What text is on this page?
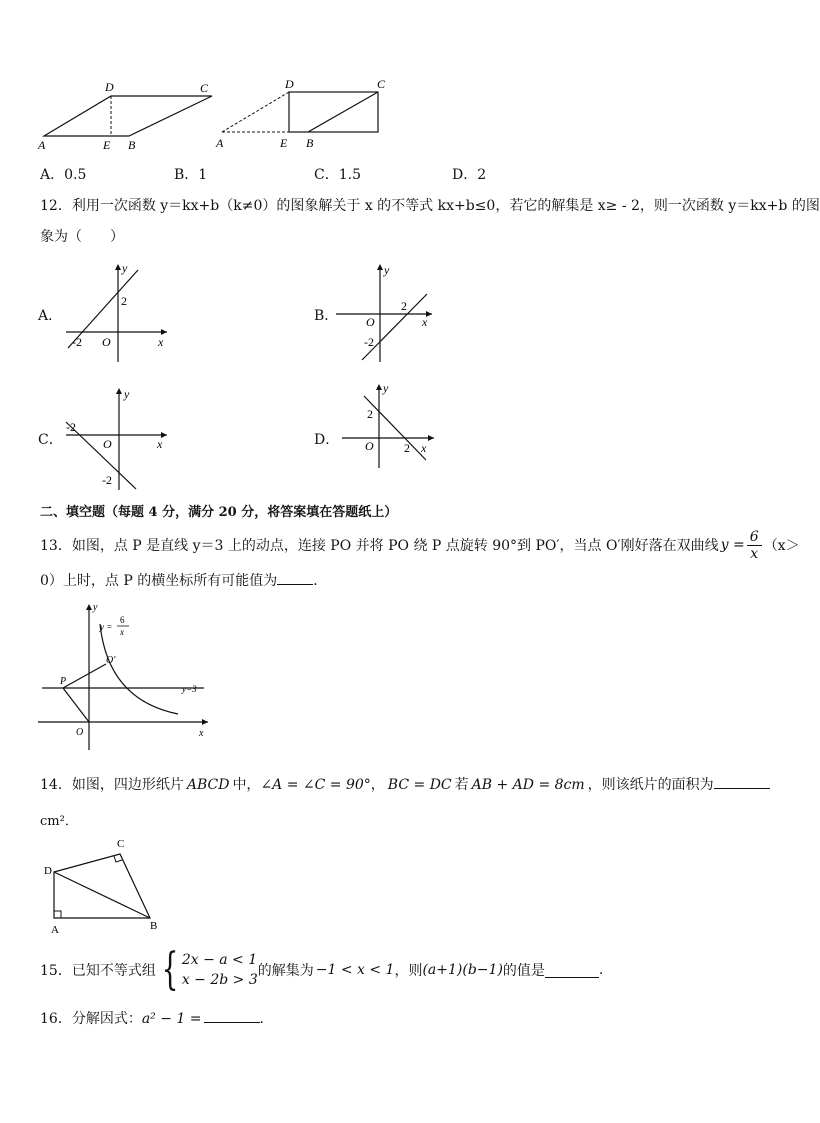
D	C
A	E B
D	C
A	E B
A．0.5	B．1	C．1.5	D．2
12．利用一次函数 y＝kx+b（k≠0）的图象解关于 x 的不等式 kx+b≤0，若它的解集是 x≥ - 2，则一次函数 y＝kx+b 的图
象为（　　）
A．
y
x
O
2
-2
B．
y
x
O
2
-2
C．
y
x
O
-2
-2
D．
y
x
O
2
2
二、填空题（每题 4 分，满分 20 分，将答案填在答题纸上）
13．如图，点 P 是直线 y＝3 上的动点，连接 PO 并将 PO 绕 P 点旋转 90°到 PO′，当点 O′刚好落在双曲线 $y = \frac{6}{x} (x>$
0）上时，点 P 的横坐标所有可能值为	．
y
x
O
P
O′
y=3
y =
6
x
14．如图，四边形纸片 ABCD 中，∠A = ∠C = 90°， BC = DC 若 AB + AD = 8cm ，则该纸片的面积为
cm²．
C
D
A	B
15．已知不等式组 { 2x − a < 1
x − 2b > 3
的解集为 −1 < x < 1 ，则 (a+1)(b−1) 的值是	.
16．分解因式：a² − 1 =	．
